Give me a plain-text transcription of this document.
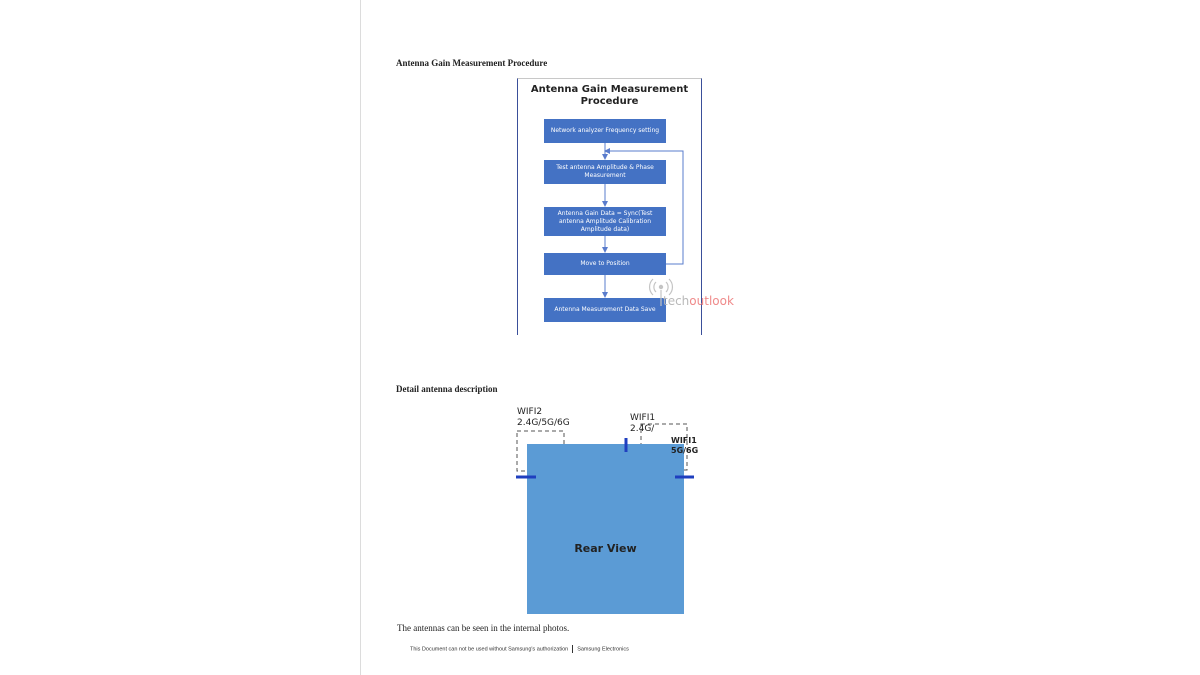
Antenna Gain Measurement Procedure
Antenna Gain Measurement Procedure
Network analyzer Frequency setting
Test antenna Amplitude & Phase Measurement
Antenna Gain Data = Sync(Test antenna Amplitude Calibration Amplitude data)
Move to Position
Antenna Measurement Data Save
techoutlook
Detail antenna description
WIFI2
2.4G/5G/6G	WIFI1
2.4G/
Rear View
WIFI1
5G/6G
The antennas can be seen in the internal photos.
This Document can not be used without Samsung's authorization Samsung Electronics
